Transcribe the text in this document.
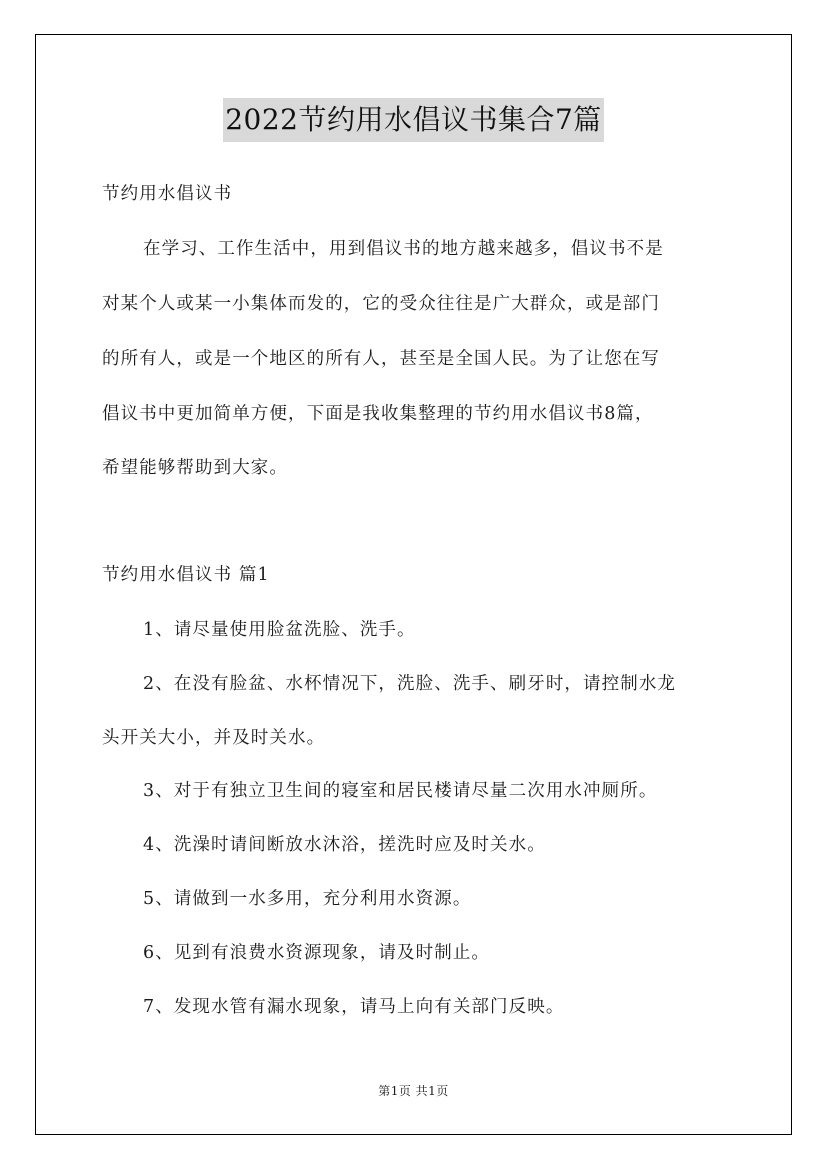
2022节约用水倡议书集合7篇
节约用水倡议书
在学习、工作生活中，用到倡议书的地方越来越多，倡议书不是
对某个人或某一小集体而发的，它的受众往往是广大群众，或是部门
的所有人，或是一个地区的所有人，甚至是全国人民。为了让您在写
倡议书中更加简单方便，下面是我收集整理的节约用水倡议书8篇，
希望能够帮助到大家。
节约用水倡议书 篇1
1、请尽量使用脸盆洗脸、洗手。
2、在没有脸盆、水杯情况下，洗脸、洗手、刷牙时，请控制水龙
头开关大小，并及时关水。
3、对于有独立卫生间的寝室和居民楼请尽量二次用水冲厕所。
4、洗澡时请间断放水沐浴，搓洗时应及时关水。
5、请做到一水多用，充分利用水资源。
6、见到有浪费水资源现象，请及时制止。
7、发现水管有漏水现象，请马上向有关部门反映。
第1页 共1页
